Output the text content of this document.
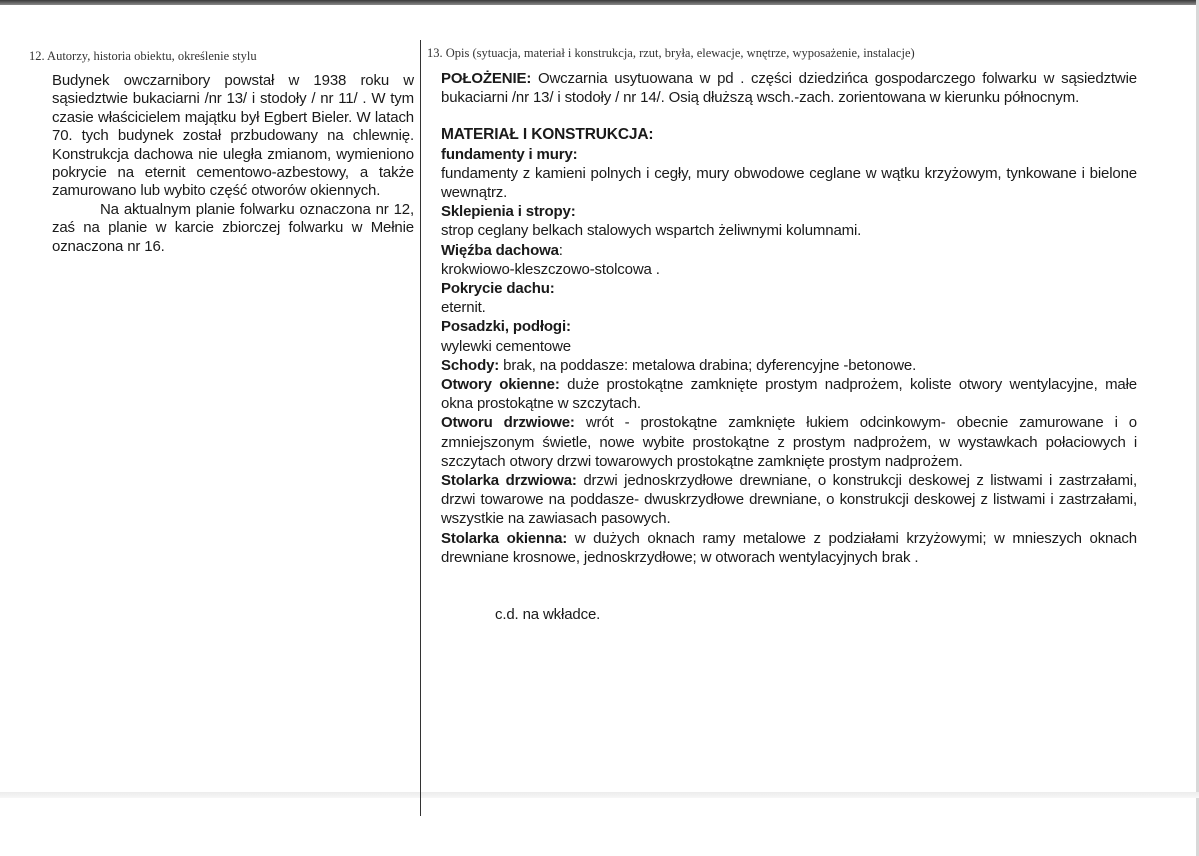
12. Autorzy, historia obiektu, określenie stylu

Budynek owczarnibory powstał w 1938 roku w sąsiedztwie bukaciarni /nr 13/ i stodoły / nr 11/ . W tym czasie właścicielem majątku był Egbert Bieler. W latach 70. tych budynek został przbudowany na chlewnię. Konstrukcja dachowa nie uległa zmianom, wymieniono pokrycie na eternit cementowo-azbestowy, a także zamurowano lub wybito część otworów okiennych.

Na aktualnym planie folwarku oznaczona nr 12, zaś na planie w karcie zbiorczej folwarku w Mełnie oznaczona nr 16.

13. Opis (sytuacja, materiał i konstrukcja, rzut, bryła, elewacje, wnętrze, wyposażenie, instalacje)

POŁOŻENIE: Owczarnia usytuowana w pd . części dziedzińca gospodarczego folwarku w sąsiedztwie bukaciarni /nr 13/ i stodoły / nr 14/. Osią dłuższą wsch.-zach. zorientowana w kierunku północnym.

MATERIAŁ I KONSTRUKCJA:

fundamenty i mury:
fundamenty z kamieni polnych i cegły, mury obwodowe ceglane w wątku krzyżowym, tynkowane i bielone wewnątrz.

Sklepienia i stropy:
strop ceglany belkach stalowych wspartch żeliwnymi kolumnami.

Więźba dachowa:
krokwiowo-kleszczowo-stolcowa .

Pokrycie dachu:
eternit.

Posadzki, podłogi:
wylewki cementowe

Schody: brak, na poddasze: metalowa drabina; dyferencyjne -betonowe.

Otwory okienne: duże prostokątne zamknięte prostym nadprożem, koliste otwory wentylacyjne, małe okna prostokątne w szczytach.

Otworu drzwiowe: wrót - prostokątne zamknięte łukiem odcinkowym- obecnie zamurowane i o zmniejszonym świetle, nowe wybite prostokątne z prostym nadprożem, w wystawkach połaciowych i szczytach otwory drzwi towarowych prostokątne zamknięte prostym nadprożem.

Stolarka drzwiowa: drzwi jednoskrzydłowe drewniane, o konstrukcji deskowej z listwami i zastrzałami, drzwi towarowe na poddasze- dwuskrzydłowe drewniane, o konstrukcji deskowej z listwami i zastrzałami, wszystkie na zawiasach pasowych.

Stolarka okienna: w dużych oknach ramy metalowe z podziałami krzyżowymi; w mnieszych oknach drewniane krosnowe, jednoskrzydłowe; w otworach wentylacyjnych brak .

c.d. na wkładce.
